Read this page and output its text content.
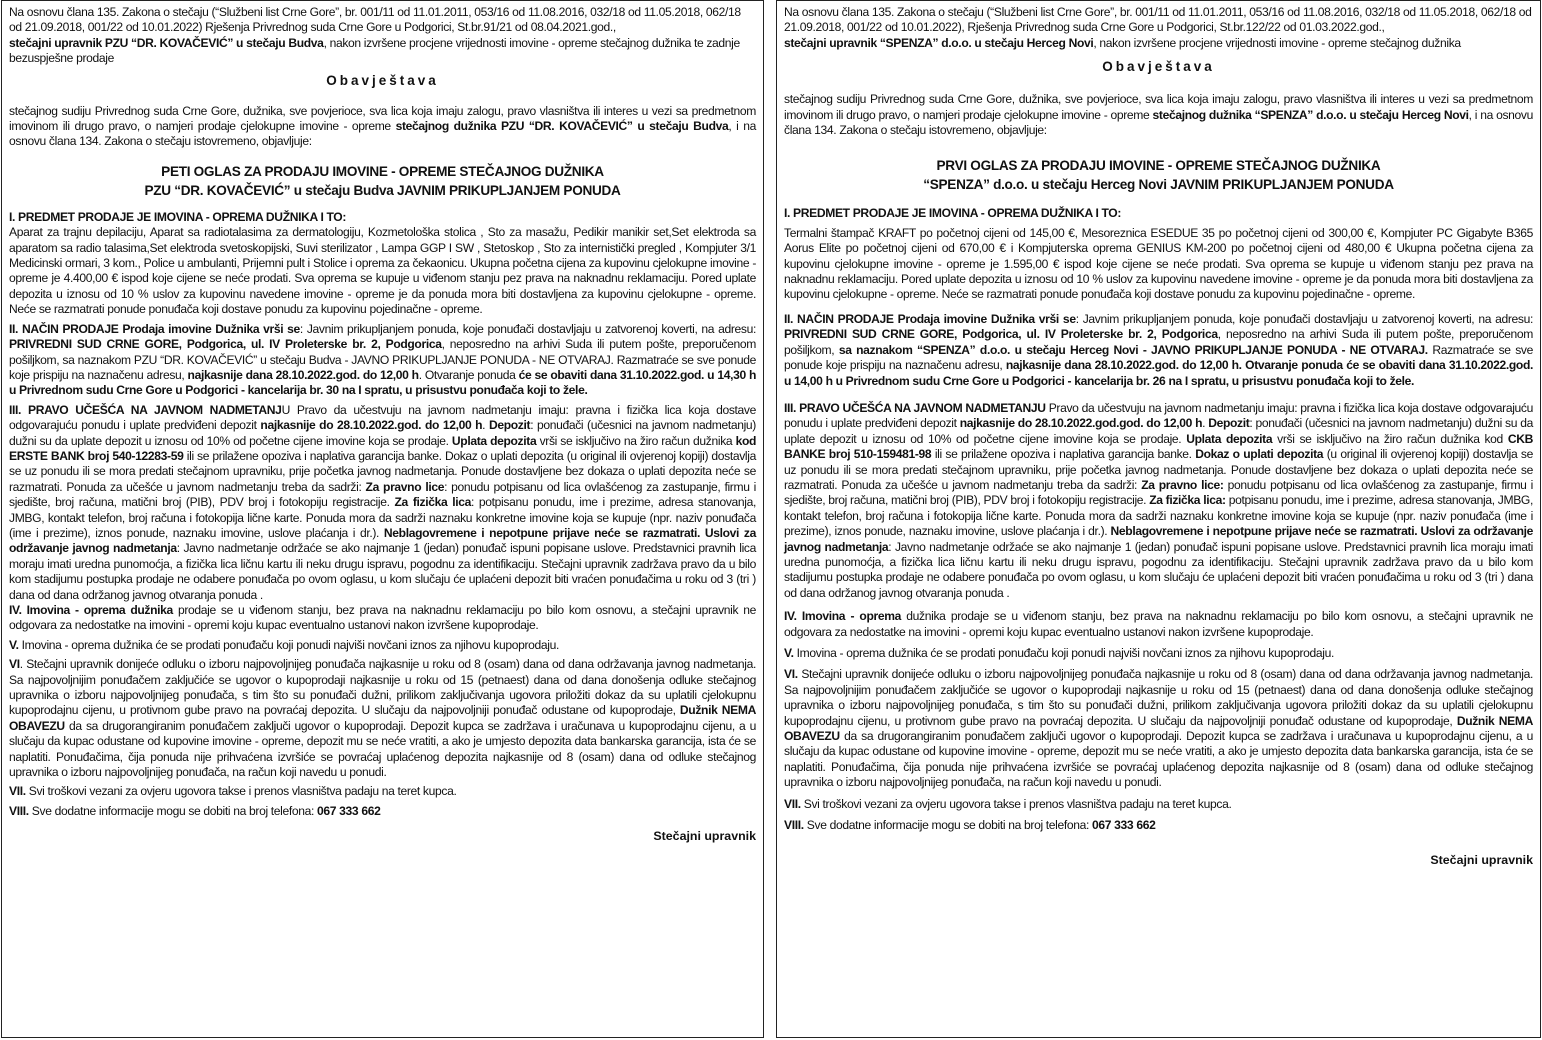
Na osnovu člana 135. Zakona o stečaju (“Službeni list Crne Gore”, br. 001/11 od 11.01.2011, 053/16 od 11.08.2016, 032/18 od 11.05.2018, 062/18 od 21.09.2018, 001/22 od 10.01.2022) Rješenja Privrednog suda Crne Gore u Podgorici, St.br.91/21 od 08.04.2021.god.,
stečajni upravnik PZU “DR. KOVAČEVIĆ” u stečaju Budva, nakon izvršene procjene vrijednosti imovine - opreme stečajnog dužnika te zadnje bezuspješne prodaje

Obavještava

stečajnog sudiju Privrednog suda Crne Gore, dužnika, sve povjerioce, sva lica koja imaju zalogu, pravo vlasništva ili interes u vezi sa predmetnom imovinom ili drugo pravo, o namjeri prodaje cjelokupne imovine - opreme stečajnog dužnika PZU “DR. KOVAČEVIĆ” u stečaju Budva, i na osnovu člana 134. Zakona o stečaju istovremeno, objavljuje:

PETI OGLAS ZA PRODAJU IMOVINE - OPREME STEČAJNOG DUŽNIKA

PZU “DR. KOVAČEVIĆ” u stečaju Budva JAVNIM PRIKUPLJANJEM PONUDA

I. PREDMET PRODAJE JE IMOVINA - OPREMA DUŽNIKA I TO:

Aparat za trajnu depilaciju, Aparat sa radiotalasima za dermatologiju, Kozmetološka stolica , Sto za masažu, Pedikir manikir set,Set elektroda sa aparatom sa radio talasima,Set elektroda svetoskopijski, Suvi sterilizator , Lampa GGP I SW , Stetoskop , Sto za internistički pregled , Kompjuter 3/1 Medicinski ormari, 3 kom., Police u ambulanti, Prijemni pult i Stolice i oprema za čekaonicu. Ukupna početna cijena za kupovinu cjelokupne imovine - opreme je 4.400,00 € ispod koje cijene se neće prodati. Sva oprema se kupuje u viđenom stanju pez prava na naknadnu reklamaciju. Pored uplate depozita u iznosu od 10 % uslov za kupovinu navedene imovine - opreme je da ponuda mora biti dostavljena za kupovinu cjelokupne - opreme. Neće se razmatrati ponude ponuđača koji dostave ponudu za kupovinu pojedinačne - opreme.

II. NAČIN PRODAJE Prodaja imovine Dužnika vrši se: Javnim prikupljanjem ponuda, koje ponuđači dostavljaju u zatvorenoj koverti, na adresu: PRIVREDNI SUD CRNE GORE, Podgorica, ul. IV Proleterske br. 2, Podgorica, neposredno na arhivi Suda ili putem pošte, preporučenom pošiljkom, sa naznakom PZU “DR. KOVAČEVIĆ” u stečaju Budva - JAVNO PRIKUPLJANJE PONUDA - NE OTVARAJ. Razmatraće se sve ponude koje prispiju na naznačenu adresu, najkasnije dana 28.10.2022.god. do 12,00 h. Otvaranje ponuda će se obaviti dana 31.10.2022.god. u 14,30 h u Privrednom sudu Crne Gore u Podgorici - kancelarija br. 30 na I spratu, u prisustvu ponuđača koji to žele.

III. PRAVO UČEŠĆA NA JAVNOM NADMETANJU Pravo da učestvuju na javnom nadmetanju imaju: pravna i fizička lica koja dostave odgovarajuću ponudu i uplate predviđeni depozit najkasnije do 28.10.2022.god. do 12,00 h. Depozit: ponuđači (učesnici na javnom nadmetanju) dužni su da uplate depozit u iznosu od 10% od početne cijene imovine koja se prodaje. Uplata depozita vrši se isključivo na žiro račun dužnika kod ERSTE BANK broj 540-12283-59 ili se prilažene opoziva i naplativa garancija banke. Dokaz o uplati depozita (u original ili ovjerenoj kopiji) dostavlja se uz ponudu ili se mora predati stečajnom upravniku, prije početka javnog nadmetanja. Ponude dostavljene bez dokaza o uplati depozita neće se razmatrati. Ponuda za učešće u javnom nadmetanju treba da sadrži: Za pravno lice: ponudu potpisanu od lica ovlašćenog za zastupanje, firmu i sjedište, broj računa, matični broj (PIB), PDV broj i fotokopiju registracije. Za fizička lica: potpisanu ponudu, ime i prezime, adresa stanovanja, JMBG, kontakt telefon, broj računa i fotokopija lične karte. Ponuda mora da sadrži naznaku konkretne imovine koja se kupuje (npr. naziv ponuđača (ime i prezime), iznos ponude, naznaku imovine, uslove plaćanja i dr.). Neblagovremene i nepotpune prijave neće se razmatrati. Uslovi za održavanje javnog nadmetanja: Javno nadmetanje održaće se ako najmanje 1 (jedan) ponuđač ispuni popisane uslove. Predstavnici pravnih lica moraju imati uredna punomoćja, a fizička lica ličnu kartu ili neku drugu ispravu, pogodnu za identifikaciju. Stečajni upravnik zadržava pravo da u bilo kom stadijumu postupka prodaje ne odabere ponuđača po ovom oglasu, u kom slučaju će uplaćeni depozit biti vraćen ponuđačima u roku od 3 (tri ) dana od dana održanog javnog otvaranja ponuda .

IV. Imovina - oprema dužnika prodaje se u viđenom stanju, bez prava na naknadnu reklamaciju po bilo kom osnovu, a stečajni upravnik ne odgovara za nedostatke na imovini - opremi koju kupac eventualno ustanovi nakon izvršene kupoprodaje.

V. Imovina - oprema dužnika će se prodati ponuđaču koji ponudi najviši novčani iznos za njihovu kupoprodaju.

VI. Stečajni upravnik donijeće odluku o izboru najpovoljnijeg ponuđača najkasnije u roku od 8 (osam) dana od dana održavanja javnog nadmetanja. Sa najpovoljnijim ponuđačem zaključiće se ugovor o kupoprodaji najkasnije u roku od 15 (petnaest) dana od dana donošenja odluke stečajnog upravnika o izboru najpovoljnijeg ponuđača, s tim što su ponuđači dužni, prilikom zaključivanja ugovora priložiti dokaz da su uplatili cjelokupnu kupoprodajnu cijenu, u protivnom gube pravo na povraćaj depozita. U slučaju da najpovoljniji ponuđač odustane od kupoprodaje, Dužnik NEMA OBAVEZU da sa drugorangiranim ponuđačem zaključi ugovor o kupoprodaji. Depozit kupca se zadržava i uračunava u kupoprodajnu cijenu, a u slučaju da kupac odustane od kupovine imovine - opreme, depozit mu se neće vratiti, a ako je umjesto depozita data bankarska garancija, ista će se naplatiti. Ponuđačima, čija ponuda nije prihvaćena izvršiće se povraćaj uplaćenog depozita najkasnije od 8 (osam) dana od odluke stečajnog upravnika o izboru najpovoljnijeg ponuđača, na račun koji navedu u ponudi.

VII. Svi troškovi vezani za ovjeru ugovora takse i prenos vlasništva padaju na teret kupca.

VIII. Sve dodatne informacije mogu se dobiti na broj telefona: 067 333 662

Stečajni upravnik

Na osnovu člana 135. Zakona o stečaju (“Službeni list Crne Gore”, br. 001/11 od 11.01.2011, 053/16 od 11.08.2016, 032/18 od 11.05.2018, 062/18 od 21.09.2018, 001/22 od 10.01.2022), Rješenja Privrednog suda Crne Gore u Podgorici, St.br.122/22 od 01.03.2022.god.,
stečajni upravnik “SPENZA” d.o.o. u stečaju Herceg Novi, nakon izvršene procjene vrijednosti imovine - opreme stečajnog dužnika

Obavještava

stečajnog sudiju Privrednog suda Crne Gore, dužnika, sve povjerioce, sva lica koja imaju zalogu, pravo vlasništva ili interes u vezi sa predmetnom imovinom ili drugo pravo, o namjeri prodaje cjelokupne imovine - opreme stečajnog dužnika “SPENZA” d.o.o. u stečaju Herceg Novi, i na osnovu člana 134. Zakona o stečaju istovremeno, objavljuje:

PRVI OGLAS ZA PRODAJU IMOVINE - OPREME STEČAJNOG DUŽNIKA

“SPENZA” d.o.o. u stečaju Herceg Novi JAVNIM PRIKUPLJANJEM PONUDA

I. PREDMET PRODAJE JE IMOVINA - OPREMA DUŽNIKA I TO:

Termalni štampač KRAFT po početnoj cijeni od 145,00 €, Mesoreznica ESEDUE 35 po početnoj cijeni od 300,00 €, Kompjuter PC Gigabyte B365 Aorus Elite po početnoj cijeni od 670,00 € i Kompjuterska oprema GENIUS KM-200 po početnoj cijeni od 480,00 € Ukupna početna cijena za kupovinu cjelokupne imovine - opreme je 1.595,00 € ispod koje cijene se neće prodati. Sva oprema se kupuje u viđenom stanju pez prava na naknadnu reklamaciju. Pored uplate depozita u iznosu od 10 % uslov za kupovinu navedene imovine - opreme je da ponuda mora biti dostavljena za kupovinu cjelokupne - opreme. Neće se razmatrati ponude ponuđača koji dostave ponudu za kupovinu pojedinačne - opreme.

II. NAČIN PRODAJE Prodaja imovine Dužnika vrši se: Javnim prikupljanjem ponuda, koje ponuđači dostavljaju u zatvorenoj koverti, na adresu: PRIVREDNI SUD CRNE GORE, Podgorica, ul. IV Proleterske br. 2, Podgorica, neposredno na arhivi Suda ili putem pošte, preporučenom pošiljkom, sa naznakom “SPENZA” d.o.o. u stečaju Herceg Novi - JAVNO PRIKUPLJANJE PONUDA - NE OTVARAJ. Razmatraće se sve ponude koje prispiju na naznačenu adresu, najkasnije dana 28.10.2022.god. do 12,00 h. Otvaranje ponuda će se obaviti dana 31.10.2022.god. u 14,00 h u Privrednom sudu Crne Gore u Podgorici - kancelarija br. 26 na I spratu, u prisustvu ponuđača koji to žele.

III. PRAVO UČEŠĆA NA JAVNOM NADMETANJU Pravo da učestvuju na javnom nadmetanju imaju: pravna i fizička lica koja dostave odgovarajuću ponudu i uplate predviđeni depozit najkasnije do 28.10.2022.god.god. do 12,00 h. Depozit: ponuđači (učesnici na javnom nadmetanju) dužni su da uplate depozit u iznosu od 10% od početne cijene imovine koja se prodaje. Uplata depozita vrši se isključivo na žiro račun dužnika kod CKB BANKE broj 510-159481-98 ili se prilažene opoziva i naplativa garancija banke. Dokaz o uplati depozita (u original ili ovjerenoj kopiji) dostavlja se uz ponudu ili se mora predati stečajnom upravniku, prije početka javnog nadmetanja. Ponude dostavljene bez dokaza o uplati depozita neće se razmatrati. Ponuda za učešće u javnom nadmetanju treba da sadrži: Za pravno lice: ponudu potpisanu od lica ovlašćenog za zastupanje, firmu i sjedište, broj računa, matični broj (PIB), PDV broj i fotokopiju registracije. Za fizička lica: potpisanu ponudu, ime i prezime, adresa stanovanja, JMBG, kontakt telefon, broj računa i fotokopija lične karte. Ponuda mora da sadrži naznaku konkretne imovine koja se kupuje (npr. naziv ponuđača (ime i prezime), iznos ponude, naznaku imovine, uslove plaćanja i dr.). Neblagovremene i nepotpune prijave neće se razmatrati. Uslovi za održavanje javnog nadmetanja: Javno nadmetanje održaće se ako najmanje 1 (jedan) ponuđač ispuni popisane uslove. Predstavnici pravnih lica moraju imati uredna punomoćja, a fizička lica ličnu kartu ili neku drugu ispravu, pogodnu za identifikaciju. Stečajni upravnik zadržava pravo da u bilo kom stadijumu postupka prodaje ne odabere ponuđača po ovom oglasu, u kom slučaju će uplaćeni depozit biti vraćen ponuđačima u roku od 3 (tri ) dana od dana održanog javnog otvaranja ponuda .

IV. Imovina - oprema dužnika prodaje se u viđenom stanju, bez prava na naknadnu reklamaciju po bilo kom osnovu, a stečajni upravnik ne odgovara za nedostatke na imovini - opremi koju kupac eventualno ustanovi nakon izvršene kupoprodaje.

V. Imovina - oprema dužnika će se prodati ponuđaču koji ponudi najviši novčani iznos za njihovu kupoprodaju.

VI. Stečajni upravnik donijeće odluku o izboru najpovoljnijeg ponuđača najkasnije u roku od 8 (osam) dana od dana održavanja javnog nadmetanja. Sa najpovoljnijim ponuđačem zaključiće se ugovor o kupoprodaji najkasnije u roku od 15 (petnaest) dana od dana donošenja odluke stečajnog upravnika o izboru najpovoljnijeg ponuđača, s tim što su ponuđači dužni, prilikom zaključivanja ugovora priložiti dokaz da su uplatili cjelokupnu kupoprodajnu cijenu, u protivnom gube pravo na povraćaj depozita. U slučaju da najpovoljniji ponuđač odustane od kupoprodaje, Dužnik NEMA OBAVEZU da sa drugorangiranim ponuđačem zaključi ugovor o kupoprodaji. Depozit kupca se zadržava i uračunava u kupoprodajnu cijenu, a u slučaju da kupac odustane od kupovine imovine - opreme, depozit mu se neće vratiti, a ako je umjesto depozita data bankarska garancija, ista će se naplatiti. Ponuđačima, čija ponuda nije prihvaćena izvršiće se povraćaj uplaćenog depozita najkasnije od 8 (osam) dana od odluke stečajnog upravnika o izboru najpovoljnijeg ponuđača, na račun koji navedu u ponudi.

VII. Svi troškovi vezani za ovjeru ugovora takse i prenos vlasništva padaju na teret kupca.

VIII. Sve dodatne informacije mogu se dobiti na broj telefona: 067 333 662

Stečajni upravnik
